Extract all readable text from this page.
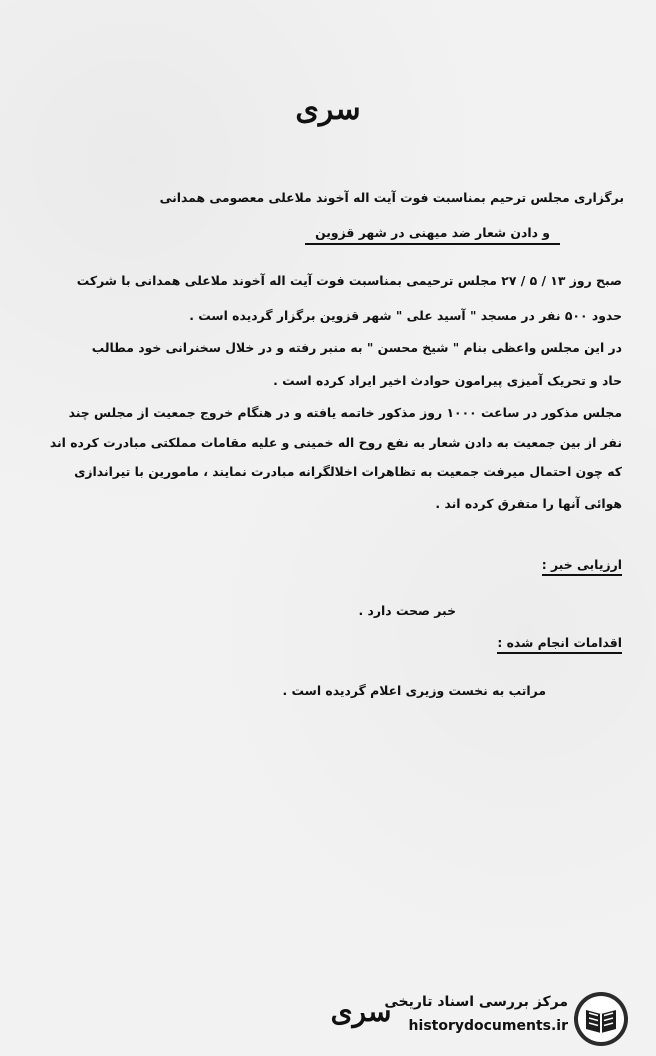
سری
برگزاری مجلس ترحیم بمناسبت فوت آیت اله آخوند ملاعلی معصومی همدانی
و دادن شعار ضد میهنی در شهر قزوین
صبح روز ۱۳ / ۵ / ۲۷ مجلس ترحیمی بمناسبت فوت آیت اله آخوند ملاعلی همدانی با شرکت
حدود ۵۰۰ نفر در مسجد " آسید علی " شهر قزوین برگزار گردیده است .
در این مجلس واعظی بنام " شیخ محسن " به منبر رفته و در خلال سخنرانی خود مطالب
حاد و تحریک آمیزی پیرامون حوادث اخیر ایراد کرده است .
مجلس مذکور در ساعت ۱۰۰۰ روز مذکور خاتمه یافته و در هنگام خروج جمعیت از مجلس چند
نفر از بین جمعیت به دادن شعار به نفع روح اله خمینی و علیه مقامات مملکتی مبادرت کرده اند
که چون احتمال میرفت جمعیت به تظاهرات اخلالگرانه مبادرت نمایند ، مامورین با تیراندازی
هوائی آنها را متفرق کرده اند .
ارزیابی خبر :
خبر صحت دارد .
اقدامات انجام شده :
مراتب به نخست وزیری اعلام گردیده است .
سری
مرکز بررسی اسناد تاریخی
historydocuments.ir
